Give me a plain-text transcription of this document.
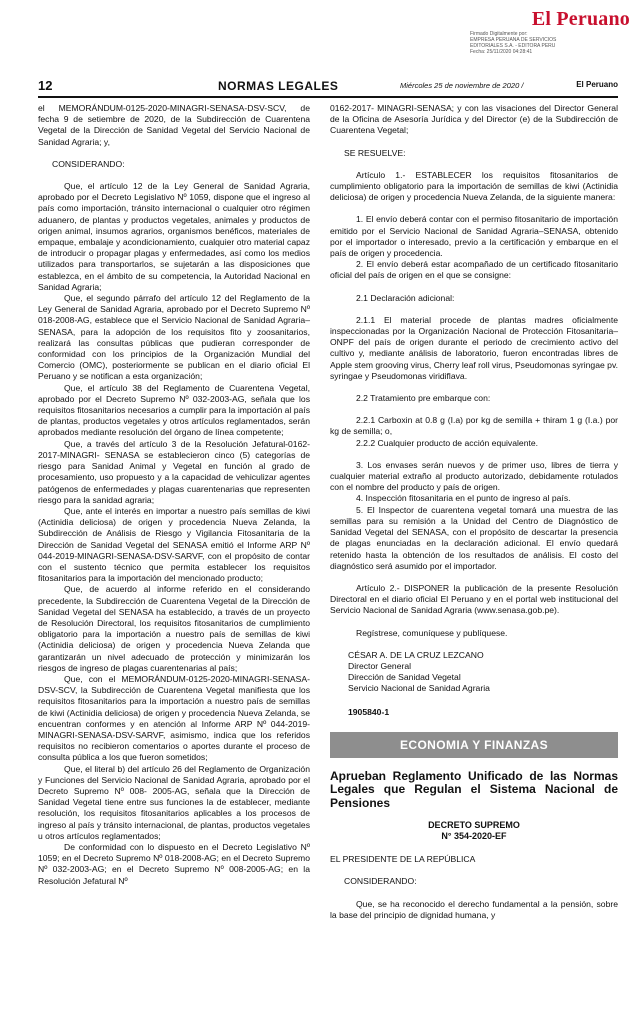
El Peruano
Firmado Digitalmente por:
EMPRESA PERUANA DE SERVICIOS
EDITORIALES S.A. - EDITORA PERU
Fecha: 25/11/2020 04:28:41
12	NORMAS LEGALES	Miércoles 25 de noviembre de 2020 /	El Peruano

el MEMORÁNDUM-0125-2020-MINAGRI-SENASA-DSV-SCV, de fecha 9 de setiembre de 2020, de la Subdirección de Cuarentena Vegetal de la Dirección de Sanidad Vegetal del Servicio Nacional de Sanidad Agraria; y,

CONSIDERANDO:

Que, el artículo 12 de la Ley General de Sanidad Agraria, aprobado por el Decreto Legislativo Nº 1059, dispone que el ingreso al país como importación, tránsito internacional o cualquier otro régimen aduanero, de plantas y productos vegetales, animales y productos de origen animal, insumos agrarios, organismos benéficos, materiales de empaque, embalaje y acondicionamiento, cualquier otro material capaz de introducir o propagar plagas y enfermedades, así como los medios utilizados para transportarlos, se sujetarán a las disposiciones que establezca, en el ámbito de su competencia, la Autoridad Nacional en Sanidad Agraria;

Que, el segundo párrafo del artículo 12 del Reglamento de la Ley General de Sanidad Agraria, aprobado por el Decreto Supremo Nº 018-2008-AG, establece que el Servicio Nacional de Sanidad Agraria–SENASA, para la adopción de los requisitos fito y zoosanitarios, realizará las consultas públicas que pudieran corresponder de conformidad con los principios de la Organización Mundial del Comercio (OMC), posteriormente se publican en el diario oficial El Peruano y se notifican a esta organización;

Que, el artículo 38 del Reglamento de Cuarentena Vegetal, aprobado por el Decreto Supremo Nº 032-2003-AG, señala que los requisitos fitosanitarios necesarios a cumplir para la importación al país de plantas, productos vegetales y otros artículos reglamentados, serán aprobados mediante resolución del órgano de línea competente;

Que, a través del artículo 3 de la Resolución Jefatural-0162-2017-MINAGRI- SENASA se establecieron cinco (5) categorías de riesgo para Sanidad Animal y Vegetal en función al grado de procesamiento, uso propuesto y a la capacidad de vehiculizar agentes patógenos de enfermedades y plagas cuarentenarias que representen riesgo para la sanidad agraria;

Que, ante el interés en importar a nuestro país semillas de kiwi (Actinidia deliciosa) de origen y procedencia Nueva Zelanda, la Subdirección de Análisis de Riesgo y Vigilancia Fitosanitaria de la Dirección de Sanidad Vegetal del SENASA emitió el Informe ARP Nº 044-2019-MINAGRI-SENASA-DSV-SARVF, con el propósito de contar con el sustento técnico que permita establecer los requisitos fitosanitarios para la importación del mencionado producto;

Que, de acuerdo al informe referido en el considerando precedente, la Subdirección de Cuarentena Vegetal de la Dirección de Sanidad Vegetal del SENASA ha establecido, a través de un proyecto de Resolución Directoral, los requisitos fitosanitarios de cumplimiento obligatorio para la importación a nuestro país de semillas de kiwi (Actinidia deliciosa) de origen y procedencia Nueva Zelanda que garantizarán un nivel adecuado de protección y minimizarán los riesgos de ingreso de plagas cuarentenarias al país;

Que, con el MEMORÁNDUM-0125-2020-MINAGRI-SENASA-DSV-SCV, la Subdirección de Cuarentena Vegetal manifiesta que los requisitos fitosanitarios para la importación a nuestro país de semillas de kiwi (Actinidia deliciosa) de origen y procedencia Nueva Zelanda, se encuentran conformes y en atención al Informe ARP Nº 044-2019-MINAGRI-SENASA-DSV-SARVF, asimismo, indica que los referidos requisitos no recibieron comentarios o aportes durante el proceso de consulta pública a los que fueron sometidos;

Que, el literal b) del artículo 26 del Reglamento de Organización y Funciones del Servicio Nacional de Sanidad Agraria, aprobado por el Decreto Supremo Nº 008- 2005-AG, señala que la Dirección de Sanidad Vegetal tiene entre sus funciones la de establecer, mediante resolución, los requisitos fitosanitarios aplicables a los procesos de ingreso al país y tránsito internacional, de plantas, productos vegetales u otros artículos reglamentados;

De conformidad con lo dispuesto en el Decreto Legislativo Nº 1059; en el Decreto Supremo Nº 018-2008-AG; en el Decreto Supremo Nº 032-2003-AG; en el Decreto Supremo Nº 008-2005-AG; en la Resolución Jefatural Nº

0162-2017- MINAGRI-SENASA; y con las visaciones del Director General de la Oficina de Asesoría Jurídica y del Director (e) de la Subdirección de Cuarentena Vegetal;

SE RESUELVE:

Artículo 1.- ESTABLECER los requisitos fitosanitarios de cumplimiento obligatorio para la importación de semillas de kiwi (Actinidia deliciosa) de origen y procedencia Nueva Zelanda, de la siguiente manera:

1. El envío deberá contar con el permiso fitosanitario de importación emitido por el Servicio Nacional de Sanidad Agraria–SENASA, obtenido por el importador o interesado, previo a la certificación y embarque en el país de origen y procedencia.

2. El envío deberá estar acompañado de un certificado fitosanitario oficial del país de origen en el que se consigne:

2.1 Declaración adicional:

2.1.1 El material procede de plantas madres oficialmente inspeccionadas por la Organización Nacional de Protección Fitosanitaria–ONPF del país de origen durante el periodo de crecimiento activo del cultivo y, mediante análisis de laboratorio, fueron encontradas libres de Apple stem grooving virus, Cherry leaf roll virus, Pseudomonas syringae pv. syringae y Pseudomonas viridiflava.

2.2 Tratamiento pre embarque con:

2.2.1 Carboxin at 0.8 g (I.a) por kg de semilla + thiram 1 g (I.a.) por kg de semilla; o,

2.2.2 Cualquier producto de acción equivalente.

3. Los envases serán nuevos y de primer uso, libres de tierra y cualquier material extraño al producto autorizado, debidamente rotulados con el nombre del producto y país de origen.

4. Inspección fitosanitaria en el punto de ingreso al país.

5. El Inspector de cuarentena vegetal tomará una muestra de las semillas para su remisión a la Unidad del Centro de Diagnóstico de Sanidad Vegetal del SENASA, con el propósito de descartar la presencia de plagas enunciadas en la declaración adicional. El envío quedará retenido hasta la obtención de los resultados de análisis. El costo del diagnóstico será asumido por el importador.

Artículo 2.- DISPONER la publicación de la presente Resolución Directoral en el diario oficial El Peruano y en el portal web institucional del Servicio Nacional de Sanidad Agraria (www.senasa.gob.pe).

Regístrese, comuníquese y publíquese.

CÉSAR A. DE LA CRUZ LEZCANO

Director General

Dirección de Sanidad Vegetal

Servicio Nacional de Sanidad Agraria

1905840-1

ECONOMIA Y FINANZAS
Aprueban Reglamento Unificado de las Normas Legales que Regulan el Sistema Nacional de Pensiones
DECRETO SUPREMO
N° 354-2020-EF

EL PRESIDENTE DE LA REPÚBLICA

CONSIDERANDO:

Que, se ha reconocido el derecho fundamental a la pensión, sobre la base del principio de dignidad humana, y
